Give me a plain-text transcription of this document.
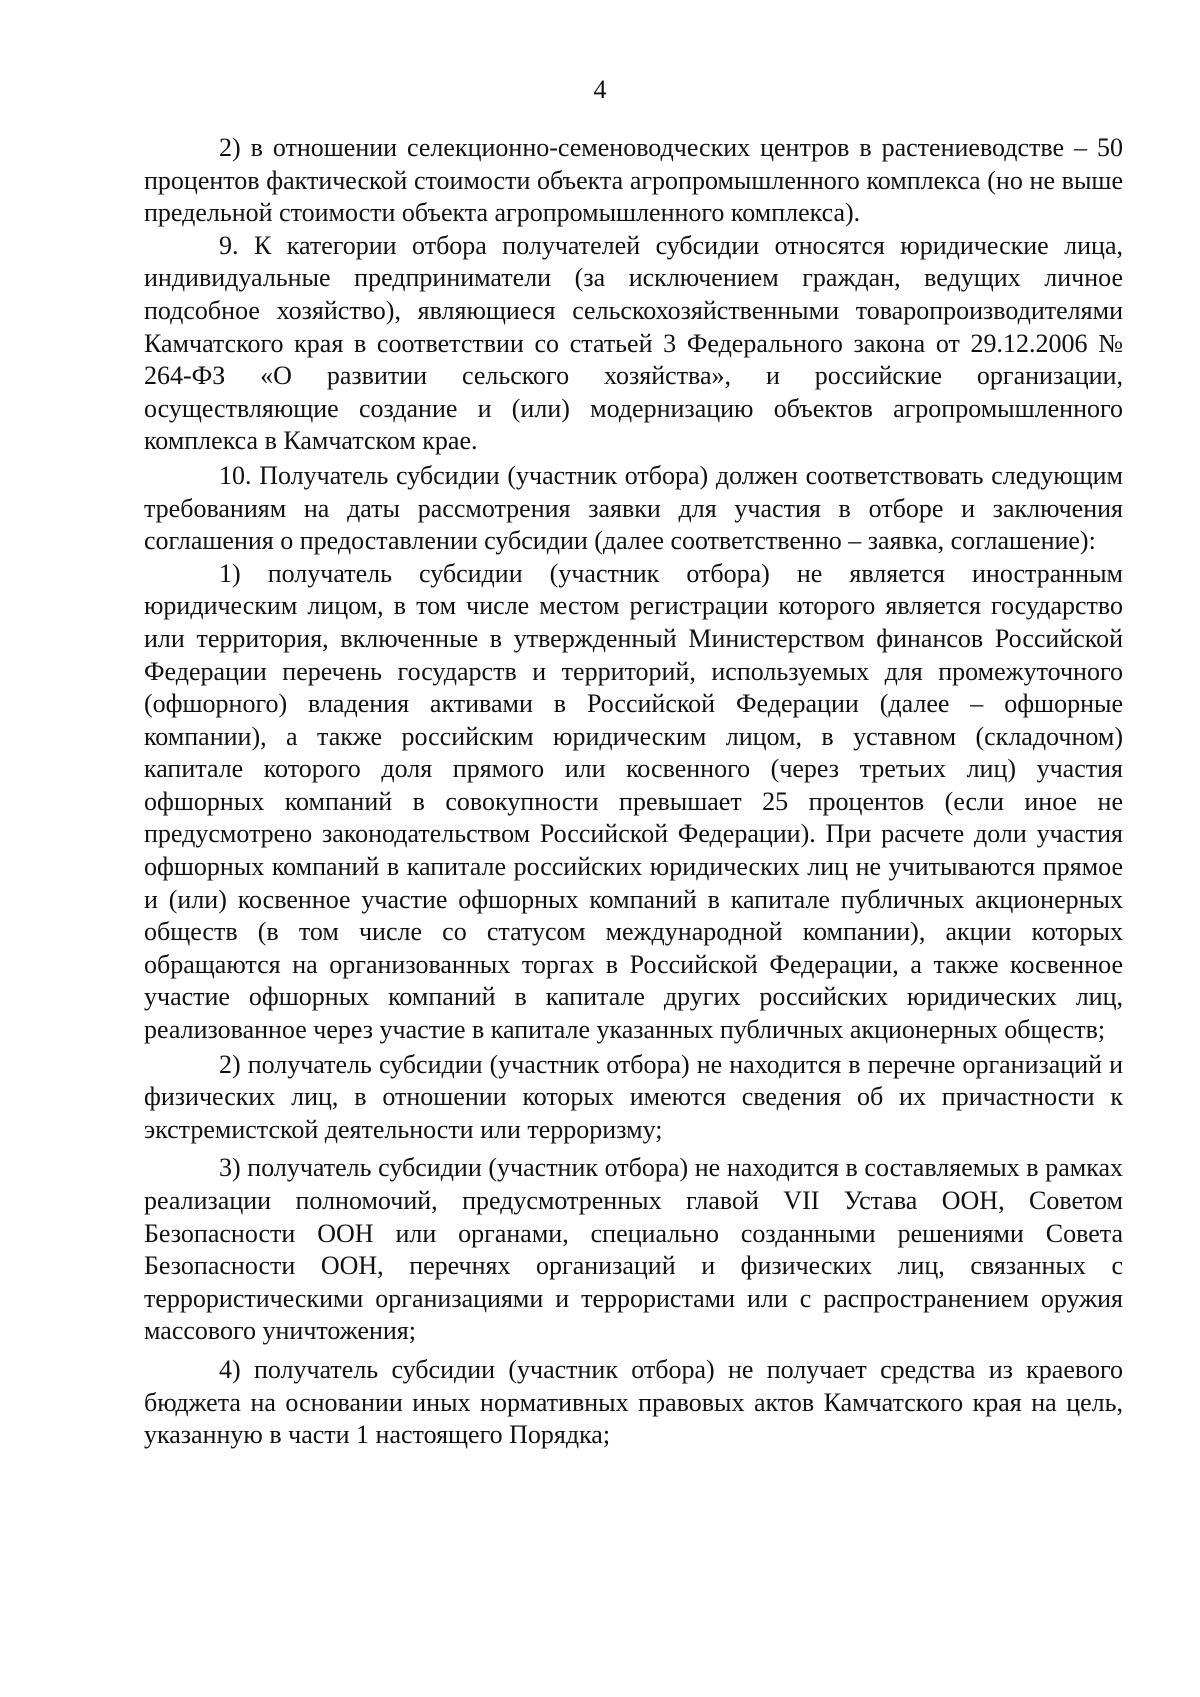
4

2) в отношении селекционно-семеноводческих центров в растениеводстве – 50 процентов фактической стоимости объекта агропромышленного комплекса (но не выше предельной стоимости объекта агропромышленного комплекса).

9. К категории отбора получателей субсидии относятся юридические лица, индивидуальные предприниматели (за исключением граждан, ведущих личное подсобное хозяйство), являющиеся сельскохозяйственными товаропроизводителями Камчатского края в соответствии со статьей 3 Федерального закона от 29.12.2006 № 264-ФЗ «О развитии сельского хозяйства», и российские организации, осуществляющие создание и (или) модернизацию объектов агропромышленного комплекса в Камчатском крае.

10. Получатель субсидии (участник отбора) должен соответствовать следующим требованиям на даты рассмотрения заявки для участия в отборе и заключения соглашения о предоставлении субсидии (далее соответственно – заявка, соглашение):

1) получатель субсидии (участник отбора) не является иностранным юридическим лицом, в том числе местом регистрации которого является государство или территория, включенные в утвержденный Министерством финансов Российской Федерации перечень государств и территорий, используемых для промежуточного (офшорного) владения активами в Российской Федерации (далее – офшорные компании), а также российским юридическим лицом, в уставном (складочном) капитале которого доля прямого или косвенного (через третьих лиц) участия офшорных компаний в совокупности превышает 25 процентов (если иное не предусмотрено законодательством Российской Федерации). При расчете доли участия офшорных компаний в капитале российских юридических лиц не учитываются прямое и (или) косвенное участие офшорных компаний в капитале публичных акционерных обществ (в том числе со статусом международной компании), акции которых обращаются на организованных торгах в Российской Федерации, а также косвенное участие офшорных компаний в капитале других российских юридических лиц, реализованное через участие в капитале указанных публичных акционерных обществ;

2) получатель субсидии (участник отбора) не находится в перечне организаций и физических лиц, в отношении которых имеются сведения об их причастности к экстремистской деятельности или терроризму;

3) получатель субсидии (участник отбора) не находится в составляемых в рамках реализации полномочий, предусмотренных главой VII Устава ООН, Советом Безопасности ООН или органами, специально созданными решениями Совета Безопасности ООН, перечнях организаций и физических лиц, связанных с террористическими организациями и террористами или с распространением оружия массового уничтожения;

4) получатель субсидии (участник отбора) не получает средства из краевого бюджета на основании иных нормативных правовых актов Камчатского края на цель, указанную в части 1 настоящего Порядка;
